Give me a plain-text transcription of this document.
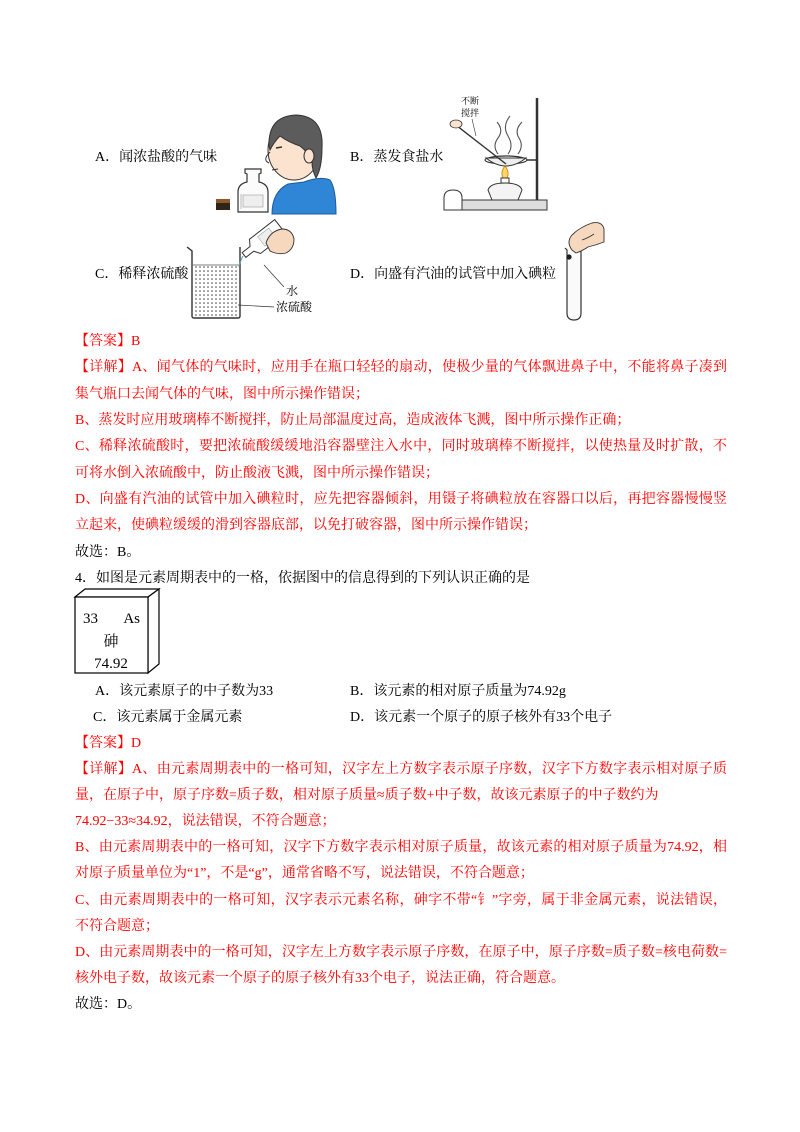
A．闻浓盐酸的气味	B．蒸发食盐水
C．稀释浓硫酸	D．向盛有汽油的试管中加入碘粒
不断
搅拌
水
浓硫酸
【答案】B
【详解】A、闻气体的气味时，应用手在瓶口轻轻的扇动，使极少量的气体飘进鼻子中，不能将鼻子凑到
集气瓶口去闻气体的气味，图中所示操作错误；
B、蒸发时应用玻璃棒不断搅拌，防止局部温度过高，造成液体飞溅，图中所示操作正确；
C、稀释浓硫酸时，要把浓硫酸缓缓地沿容器壁注入水中，同时玻璃棒不断搅拌，以使热量及时扩散，不
可将水倒入浓硫酸中，防止酸液飞溅，图中所示操作错误；
D、向盛有汽油的试管中加入碘粒时，应先把容器倾斜，用镊子将碘粒放在容器口以后，再把容器慢慢竖
立起来，使碘粒缓缓的滑到容器底部，以免打破容器，图中所示操作错误；
故选：B。
4．如图是元素周期表中的一格，依据图中的信息得到的下列认识正确的是
33 As
砷
74.92
A．该元素原子的中子数为33	B．该元素的相对原子质量为74.92g
C．该元素属于金属元素	D．该元素一个原子的原子核外有33个电子
【答案】D
【详解】A、由元素周期表中的一格可知，汉字左上方数字表示原子序数，汉字下方数字表示相对原子质
量，在原子中，原子序数=质子数，相对原子质量≈质子数+中子数，故该元素原子的中子数约为
74.92−33≈34.92，说法错误，不符合题意；
B、由元素周期表中的一格可知，汉字下方数字表示相对原子质量，故该元素的相对原子质量为74.92，相
对原子质量单位为“1”，不是“g”，通常省略不写，说法错误，不符合题意；
C、由元素周期表中的一格可知，汉字表示元素名称，砷字不带“钅”字旁，属于非金属元素，说法错误，
不符合题意；
D、由元素周期表中的一格可知，汉字左上方数字表示原子序数，在原子中，原子序数=质子数=核电荷数=
核外电子数，故该元素一个原子的原子核外有33个电子，说法正确，符合题意。
故选：D。
